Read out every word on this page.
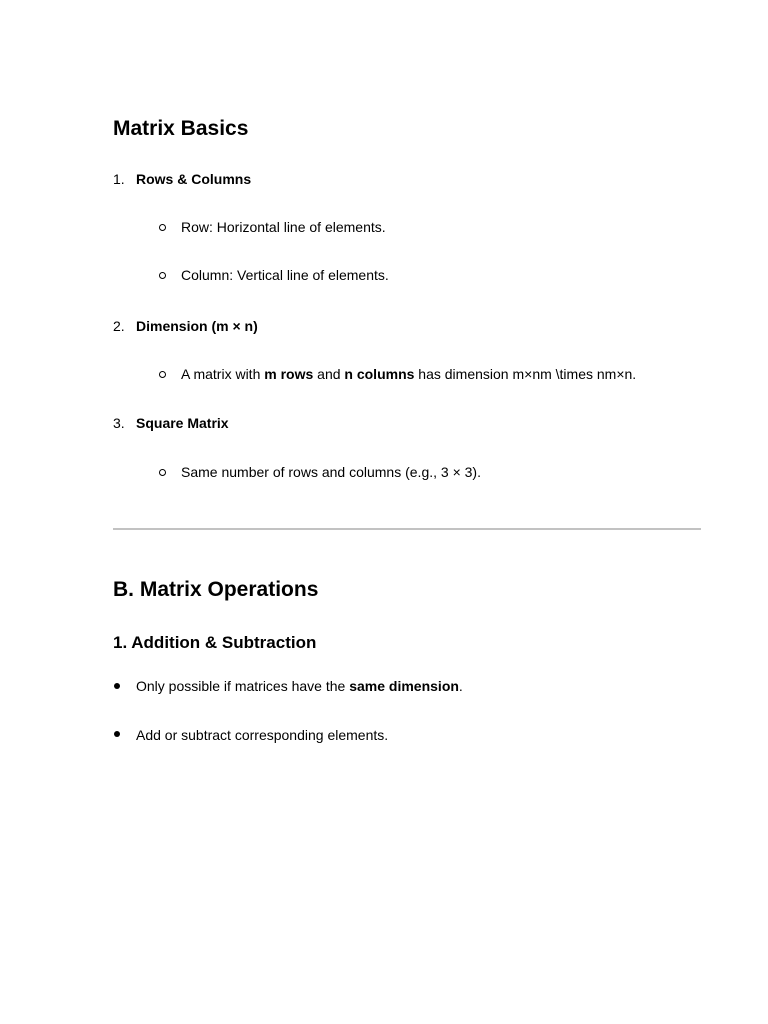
Matrix Basics
1. Rows & Columns
Row: Horizontal line of elements.
Column: Vertical line of elements.
2. Dimension (m × n)
A matrix with m rows and n columns has dimension m×nm \times nm×n.
3. Square Matrix
Same number of rows and columns (e.g., 3 × 3).
B. Matrix Operations
1. Addition & Subtraction
Only possible if matrices have the same dimension.
Add or subtract corresponding elements.
